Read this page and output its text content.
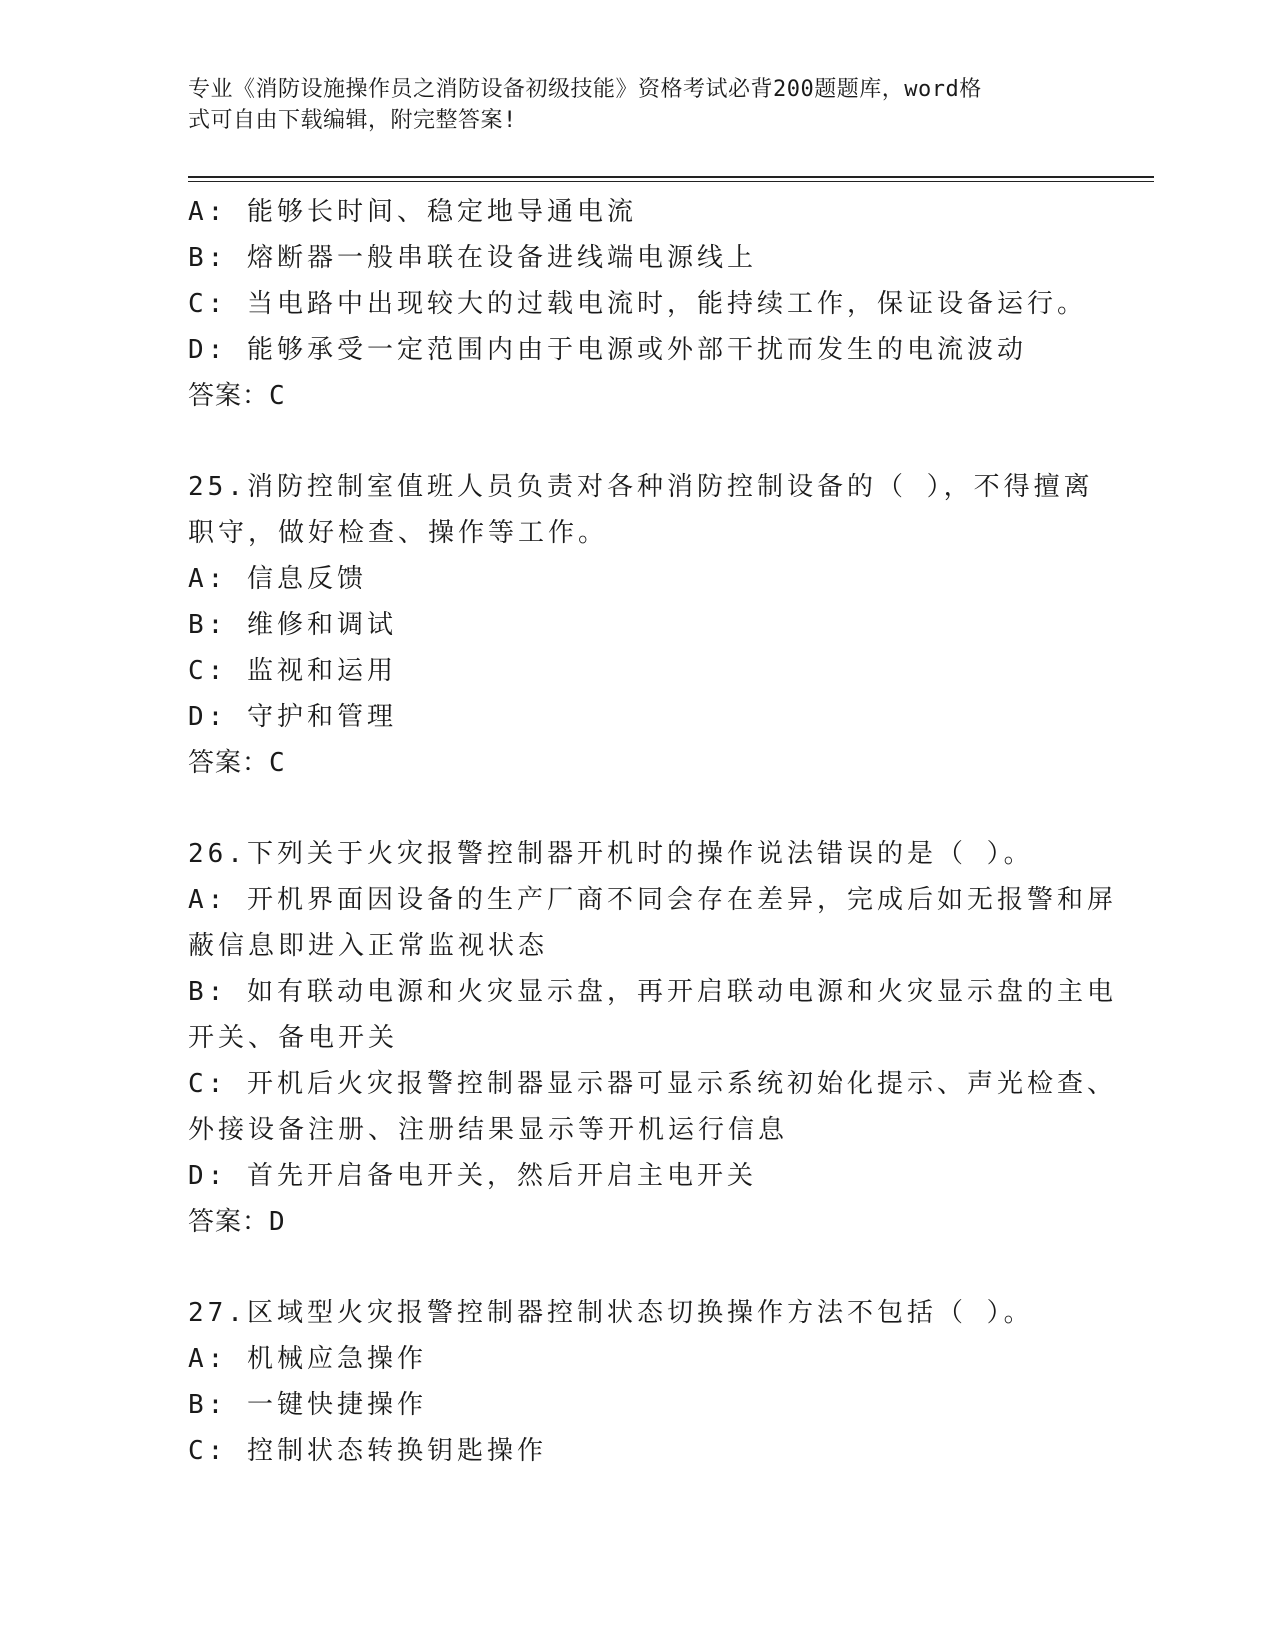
专业《消防设施操作员之消防设备初级技能》资格考试必背200题题库，word格
式可自由下载编辑，附完整答案!
A: 能够长时间、稳定地导通电流
B: 熔断器一般串联在设备进线端电源线上
C: 当电路中出现较大的过载电流时，能持续工作，保证设备运行。
D: 能够承受一定范围内由于电源或外部干扰而发生的电流波动
答案：C
25.消防控制室值班人员负责对各种消防控制设备的（ ），不得擅离
职守，做好检查、操作等工作。
A: 信息反馈
B: 维修和调试
C: 监视和运用
D: 守护和管理
答案：C
26.下列关于火灾报警控制器开机时的操作说法错误的是（ ）。
A: 开机界面因设备的生产厂商不同会存在差异，完成后如无报警和屏
蔽信息即进入正常监视状态
B: 如有联动电源和火灾显示盘，再开启联动电源和火灾显示盘的主电
开关、备电开关
C: 开机后火灾报警控制器显示器可显示系统初始化提示、声光检查、
外接设备注册、注册结果显示等开机运行信息
D: 首先开启备电开关，然后开启主电开关
答案：D
27.区域型火灾报警控制器控制状态切换操作方法不包括（ ）。
A: 机械应急操作
B: 一键快捷操作
C: 控制状态转换钥匙操作
